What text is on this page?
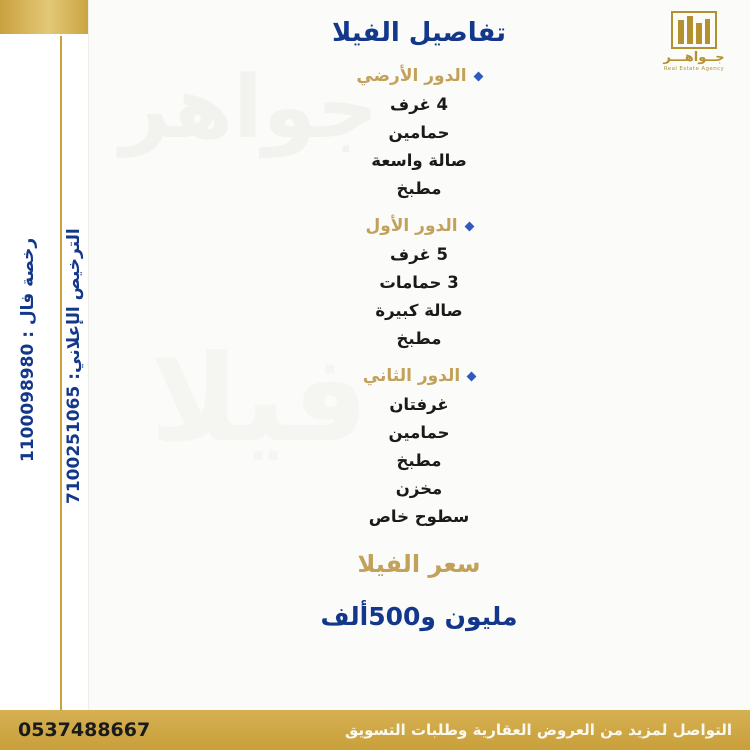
جواهر
فيلا
رخصة فال : 1100098980
الترخيص الإعلاني: 7100251065
جــواهـــر
Real Estate Agency
تفاصيل الفيلا
الدور الأرضي
4 غرف
حمامين
صالة واسعة
مطبخ
الدور الأول
5 غرف
3 حمامات
صالة كبيرة
مطبخ
الدور الثاني
غرفتان
حمامين
مطبخ
مخزن
سطوح خاص
سعر الفيلا
مليون و500ألف
التواصل لمزيد من العروض العقارية وطلبات التسويق
0537488667
